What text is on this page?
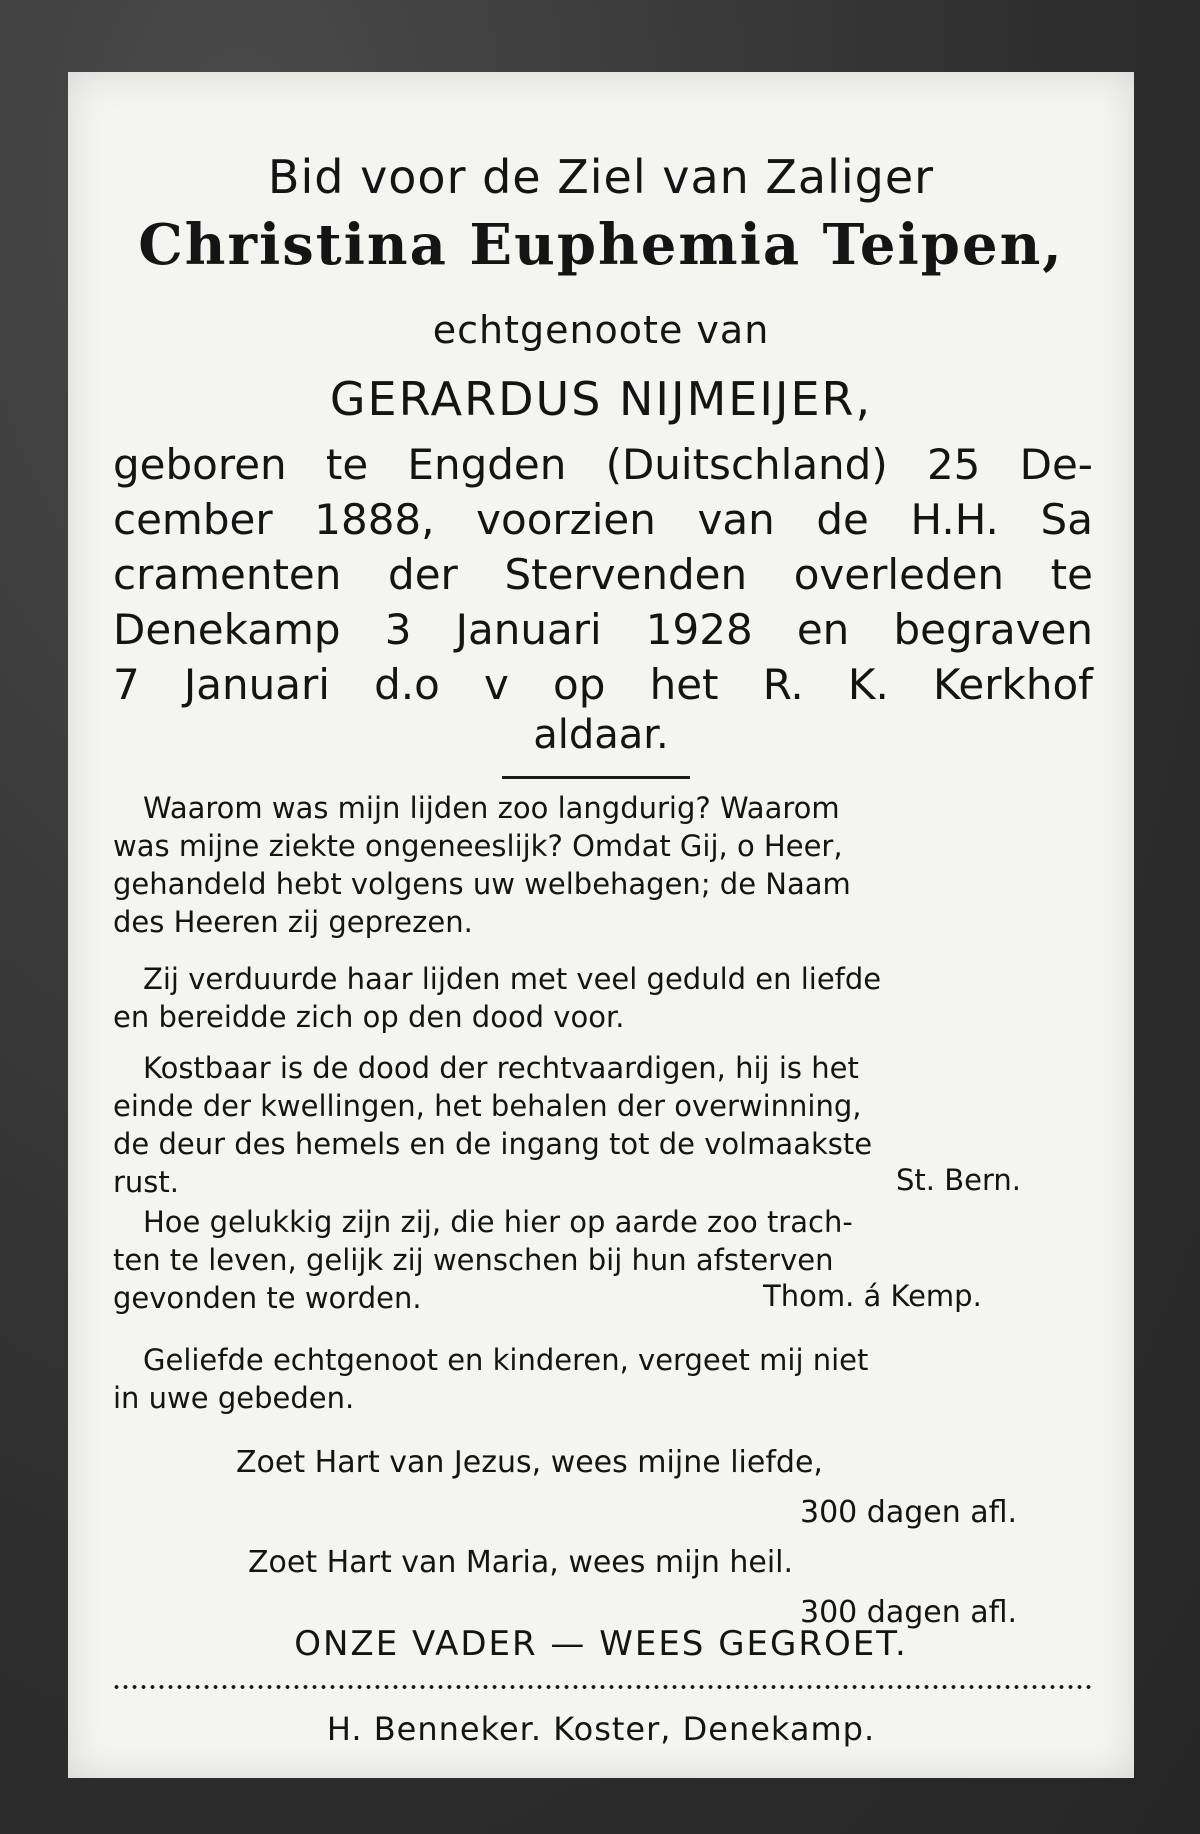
Bid voor de Ziel van Zaliger
Christina Euphemia Teipen,
echtgenoote van
GERARDUS NIJMEIJER,
geboren te Engden (Duitschland) 25 De-
cember 1888, voorzien van de H.H. Sa
cramenten der Stervenden overleden te
Denekamp 3 Januari 1928 en begraven
7 Januari d.o v op het R. K. Kerkhof
aldaar.
Waarom was mijn lijden zoo langdurig? Waarom
was mijne ziekte ongeneeslijk? Omdat Gij, o Heer,
gehandeld hebt volgens uw welbehagen; de Naam
des Heeren zij geprezen.
Zij verduurde haar lijden met veel geduld en liefde
en bereidde zich op den dood voor.
Kostbaar is de dood der rechtvaardigen, hij is het
einde der kwellingen, het behalen der overwinning,
de deur des hemels en de ingang tot de volmaakste
rust.	St. Bern.
Hoe gelukkig zijn zij, die hier op aarde zoo trach-
ten te leven, gelijk zij wenschen bij hun afsterven
gevonden te worden.	Thom. á Kemp.
Geliefde echtgenoot en kinderen, vergeet mij niet
in uwe gebeden.
Zoet Hart van Jezus, wees mijne liefde,
300 dagen afl.
Zoet Hart van Maria, wees mijn heil.
300 dagen afl.
ONZE VADER — WEES GEGROET.
H. Benneker. Koster, Denekamp.
